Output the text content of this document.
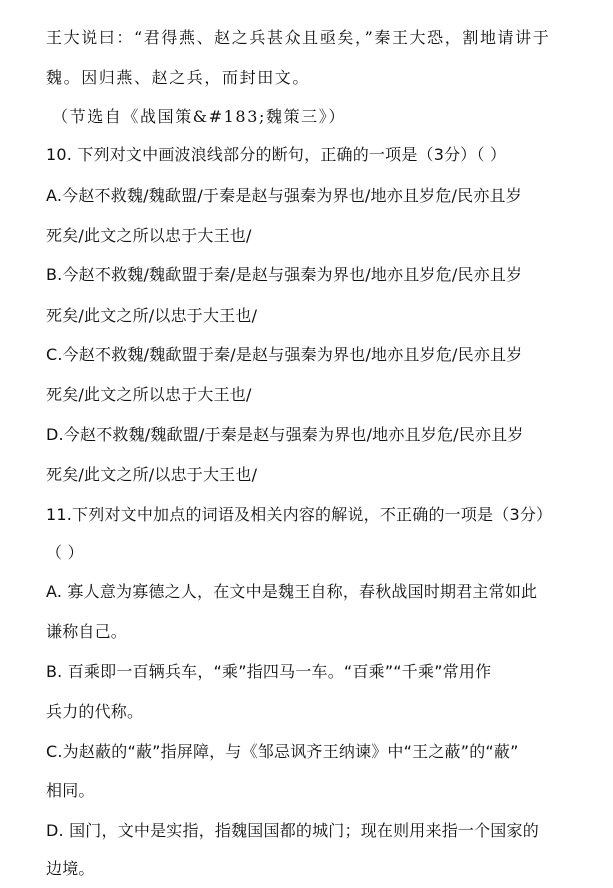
王大说曰：“君得燕、赵之兵甚众且亟矣，”秦王大恐，割地请讲于
魏。因归燕、赵之兵，而封田文。
（节选自《战国策&#183;魏策三》）
10. 下列对文中画波浪线部分的断句，正确的一项是（3分）（ ）
A.今赵不救魏/魏歃盟/于秦是赵与强秦为界也/地亦且岁危/民亦且岁
死矣/此文之所以忠于大王也/
B.今赵不救魏/魏歃盟于秦/是赵与强秦为界也/地亦且岁危/民亦且岁
死矣/此文之所/以忠于大王也/
C.今赵不救魏/魏歃盟于秦/是赵与强秦为界也/地亦且岁危/民亦且岁
死矣/此文之所以忠于大王也/
D.今赵不救魏/魏歃盟/于秦是赵与强秦为界也/地亦且岁危/民亦且岁
死矣/此文之所/以忠于大王也/
11.下列对文中加点的词语及相关内容的解说，不正确的一项是（3分）
（ ）
A. 寡人意为寡德之人，在文中是魏王自称，春秋战国时期君主常如此
谦称自己。
B. 百乘即一百辆兵车，“乘”指四马一车。“百乘”“千乘”常用作
兵力的代称。
C.为赵蔽的“蔽”指屏障，与《邹忌讽齐王纳谏》中“王之蔽”的“蔽”
相同。
D. 国门，文中是实指，指魏国国都的城门；现在则用来指一个国家的
边境。
